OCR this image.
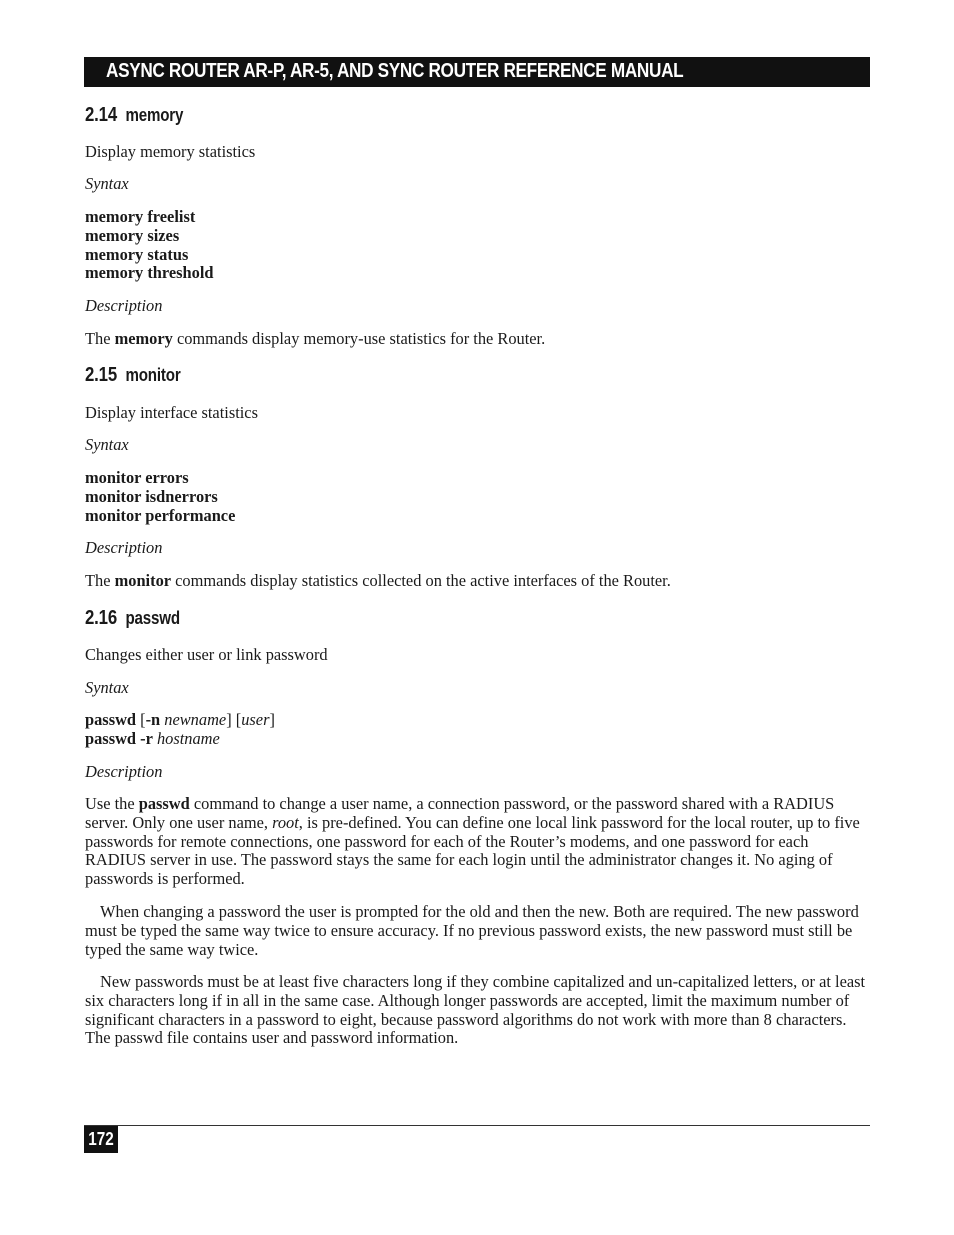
ASYNC ROUTER AR-P, AR-5, AND SYNC ROUTER REFERENCE MANUAL
2.14 memory
Display memory statistics
Syntax
memory freelist
memory sizes
memory status
memory threshold
Description
The memory commands display memory-use statistics for the Router.
2.15 monitor
Display interface statistics
Syntax
monitor errors
monitor isdnerrors
monitor performance
Description
The monitor commands display statistics collected on the active interfaces of the Router.
2.16 passwd
Changes either user or link password
Syntax
passwd [-n newname] [user]
passwd -r hostname
Description
Use the passwd command to change a user name, a connection password, or the password shared with a RADIUS server. Only one user name, root, is pre-defined. You can define one local link password for the local router, up to five passwords for remote connections, one password for each of the Router’s modems, and one password for each RADIUS server in use. The password stays the same for each login until the administrator changes it. No aging of passwords is performed.
When changing a password the user is prompted for the old and then the new. Both are required. The new password must be typed the same way twice to ensure accuracy. If no previous password exists, the new password must still be typed the same way twice.
New passwords must be at least five characters long if they combine capitalized and un-capitalized letters, or at least six characters long if in all in the same case. Although longer passwords are accepted, limit the maximum number of significant characters in a password to eight, because password algorithms do not work with more than 8 characters. The passwd file contains user and password information.
172
